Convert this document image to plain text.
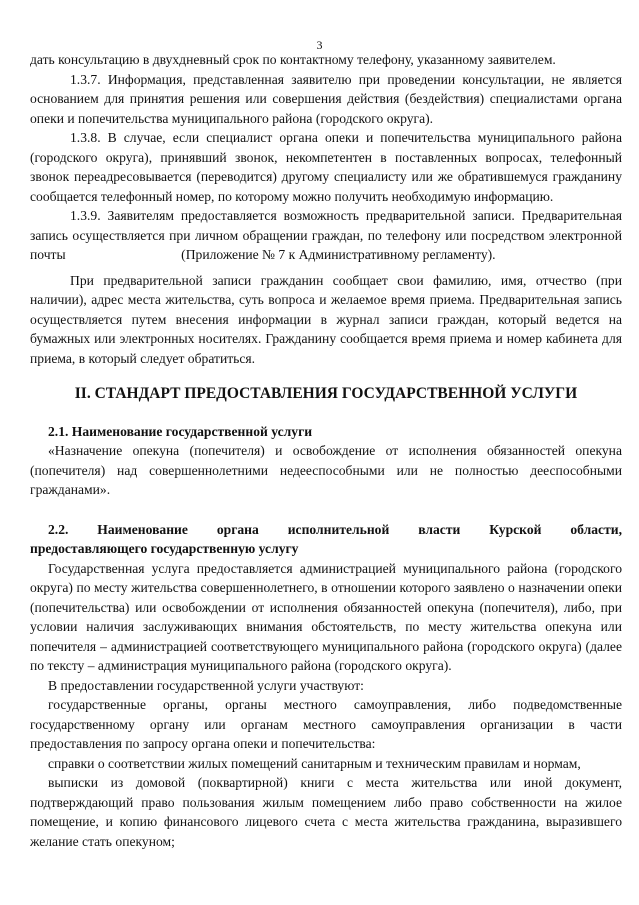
3

дать консультацию в двухдневный срок по контактному телефону, указанному заявителем.

1.3.7. Информация, представленная заявителю при проведении консультации, не является основанием для принятия решения или совершения действия (бездействия) специалистами органа опеки и попечительства муниципального района (городского округа).

1.3.8. В случае, если специалист органа опеки и попечительства муниципального района (городского округа), принявший звонок, некомпетентен в поставленных вопросах, телефонный звонок переадресовывается (переводится) другому специалисту или же обратившемуся гражданину сообщается телефонный номер, по которому можно получить необходимую информацию.

1.3.9. Заявителям предоставляется возможность предварительной записи. Предварительная запись осуществляется при личном обращении граждан, по телефону или посредством электронной почты                                  (Приложение № 7 к Административному регламенту).

При предварительной записи гражданин сообщает свои фамилию, имя, отчество (при наличии), адрес места жительства, суть вопроса и желаемое время приема. Предварительная запись осуществляется путем внесения информации в журнал записи граждан, который ведется на бумажных или электронных носителях. Гражданину сообщается время приема и номер кабинета для приема, в который следует обратиться.

II. СТАНДАРТ ПРЕДОСТАВЛЕНИЯ ГОСУДАРСТВЕННОЙ УСЛУГИ

2.1. Наименование государственной услуги

«Назначение опекуна (попечителя) и освобождение от исполнения обязанностей опекуна (попечителя) над совершеннолетними недееспособными или не полностью дееспособными гражданами».

2.2. Наименование органа исполнительной власти Курской области,

предоставляющего государственную услугу

Государственная услуга предоставляется администрацией муниципального района (городского округа) по месту жительства совершеннолетнего, в отношении которого заявлено о назначении опеки (попечительства) или освобождении от исполнения обязанностей опекуна (попечителя), либо, при условии наличия заслуживающих внимания обстоятельств, по месту жительства опекуна или попечителя – администрацией соответствующего муниципального района (городского округа) (далее по тексту – администрация муниципального района (городского округа).

В предоставлении государственной услуги участвуют:

государственные органы, органы местного самоуправления, либо подведомственные государственному органу или органам местного самоуправления организации в части предоставления по запросу органа опеки и попечительства:

справки о соответствии жилых помещений санитарным и техническим правилам и нормам,

выписки из домовой (поквартирной) книги с места жительства или иной документ, подтверждающий право пользования жилым помещением либо право собственности на жилое помещение, и копию финансового лицевого счета с места жительства гражданина, выразившего желание стать опекуном;
